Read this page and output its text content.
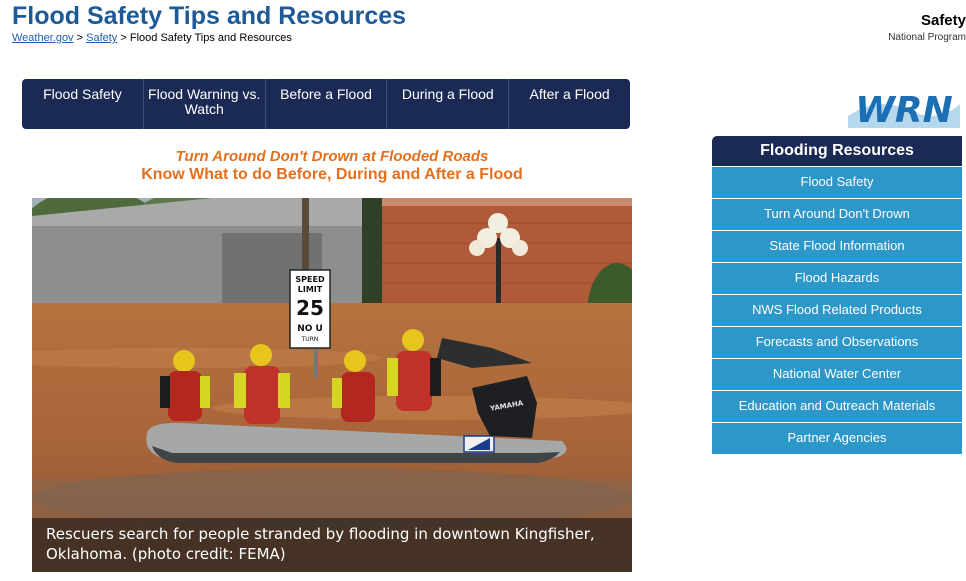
Flood Safety Tips and Resources
Weather.gov > Safety > Flood Safety Tips and Resources
Safety
National Program
Flood Safety	Flood Warning vs. Watch
Before a Flood	During a Flood	After a Flood
Turn Around Don't Drown at Flooded Roads
Know What to do Before, During and After a Flood
SPEED
LIMIT
25
NO U
TURN
YAMAHA
Rescuers search for people stranded by flooding in downtown Kingfisher, Oklahoma. (photo credit: FEMA)
WRN
Flooding Resources
Flood Safety
Turn Around Don't Drown
State Flood Information
Flood Hazards
NWS Flood Related Products
Forecasts and Observations
National Water Center
Education and Outreach Materials
Partner Agencies
